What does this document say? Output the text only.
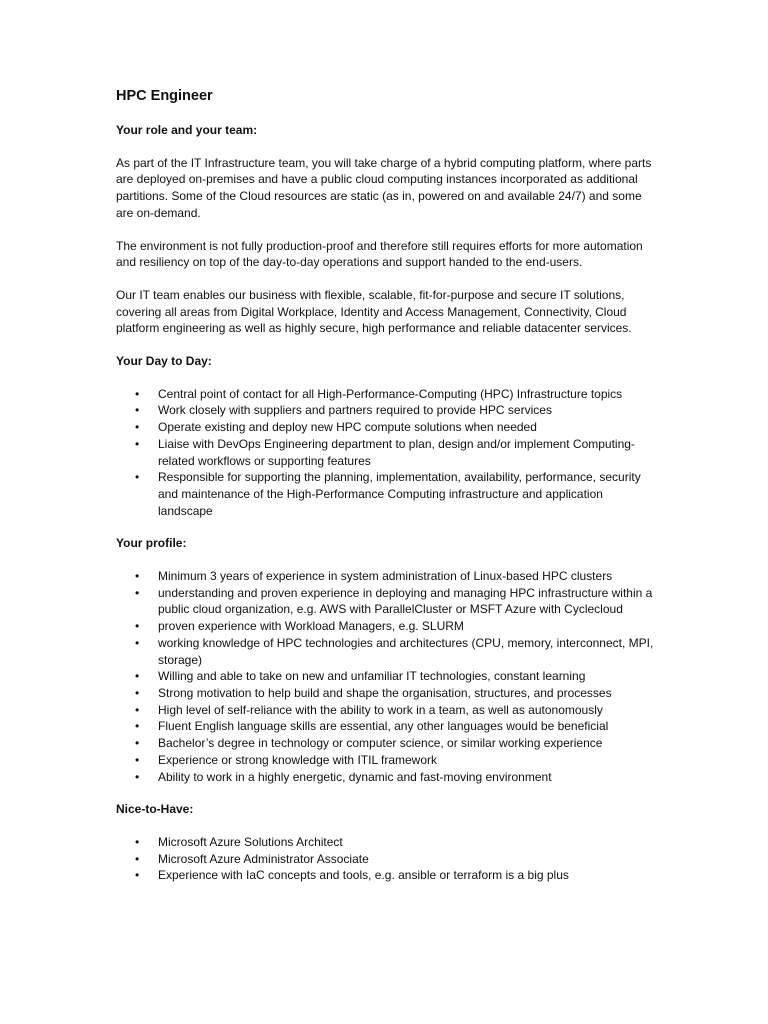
HPC Engineer
Your role and your team:

As part of the IT Infrastructure team, you will take charge of a hybrid computing platform, where parts are deployed on-premises and have a public cloud computing instances incorporated as additional partitions. Some of the Cloud resources are static (as in, powered on and available 24/7) and some are on-demand.

The environment is not fully production-proof and therefore still requires efforts for more automation and resiliency on top of the day-to-day operations and support handed to the end-users.

Our IT team enables our business with flexible, scalable, fit-for-purpose and secure IT solutions, covering all areas from Digital Workplace, Identity and Access Management, Connectivity, Cloud platform engineering as well as highly secure, high performance and reliable datacenter services.

Your Day to Day:
• Central point of contact for all High-Performance-Computing (HPC) Infrastructure topics
• Work closely with suppliers and partners required to provide HPC services
• Operate existing and deploy new HPC compute solutions when needed
• Liaise with DevOps Engineering department to plan, design and/or implement Computing-related workflows or supporting features
• Responsible for supporting the planning, implementation, availability, performance, security and maintenance of the High-Performance Computing infrastructure and application landscape
Your profile:
• Minimum 3 years of experience in system administration of Linux-based HPC clusters
• understanding and proven experience in deploying and managing HPC infrastructure within a public cloud organization, e.g. AWS with ParallelCluster or MSFT Azure with Cyclecloud
• proven experience with Workload Managers, e.g. SLURM
• working knowledge of HPC technologies and architectures (CPU, memory, interconnect, MPI, storage)
• Willing and able to take on new and unfamiliar IT technologies, constant learning
• Strong motivation to help build and shape the organisation, structures, and processes
• High level of self-reliance with the ability to work in a team, as well as autonomously
• Fluent English language skills are essential, any other languages would be beneficial
• Bachelor’s degree in technology or computer science, or similar working experience
• Experience or strong knowledge with ITIL framework
• Ability to work in a highly energetic, dynamic and fast-moving environment
Nice-to-Have:
• Microsoft Azure Solutions Architect
• Microsoft Azure Administrator Associate
• Experience with IaC concepts and tools, e.g. ansible or terraform is a big plus
